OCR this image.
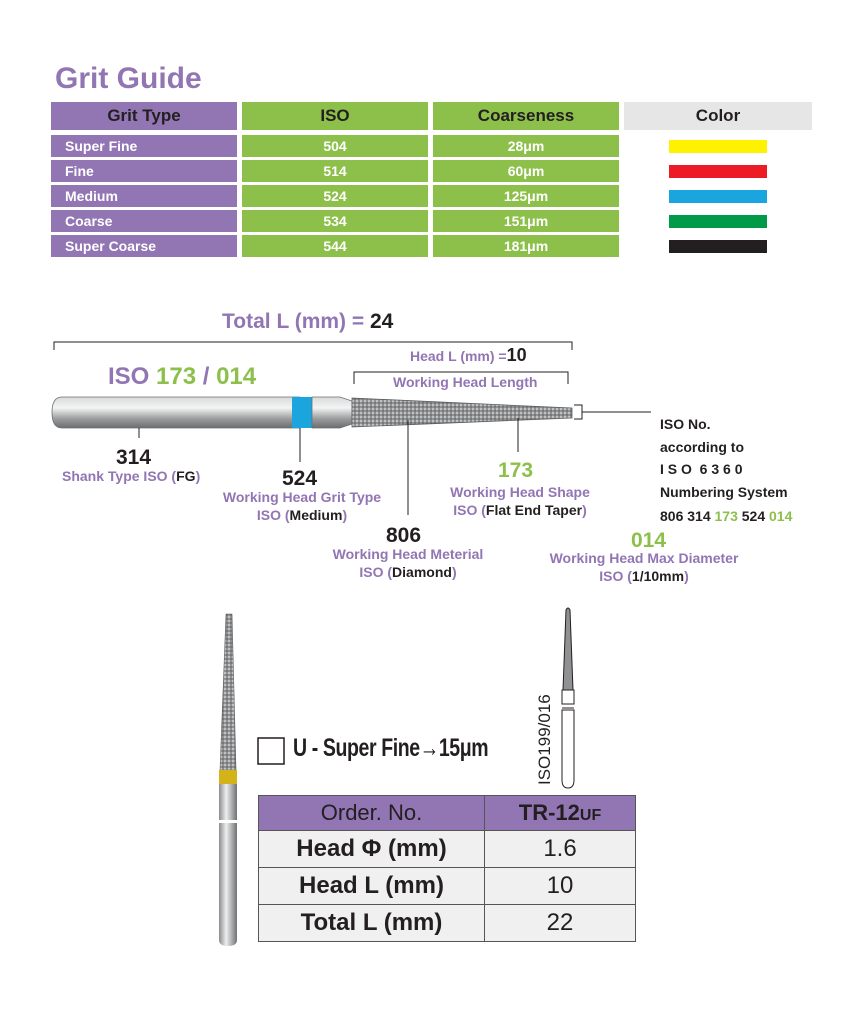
Grit Guide
Grit Type	ISO	Coarseness	Color
Super Fine	504	28μm
Fine	514	60μm
Medium	524	125μm
Coarse	534	151μm
Super Coarse	544	181μm
Total L (mm) = 24
ISO 173 / 014
Head L (mm) =10
Working Head Length
314
Shank Type ISO (FG)	524
Working Head Grit Type
ISO (Medium)
806
Working Head Meterial
ISO (Diamond)
173
Working Head Shape
ISO (Flat End Taper)
014
Working Head Max Diameter
ISO (1/10mm)
ISO No.
according to
I S O  6 3 6 0
Numbering System
806 314 173 524 014
U - Super Fine→15μm	ISO199/016
Order. No.	TR-12UF
Head Φ (mm)	1.6
Head L (mm)	10
Total L (mm)	22
